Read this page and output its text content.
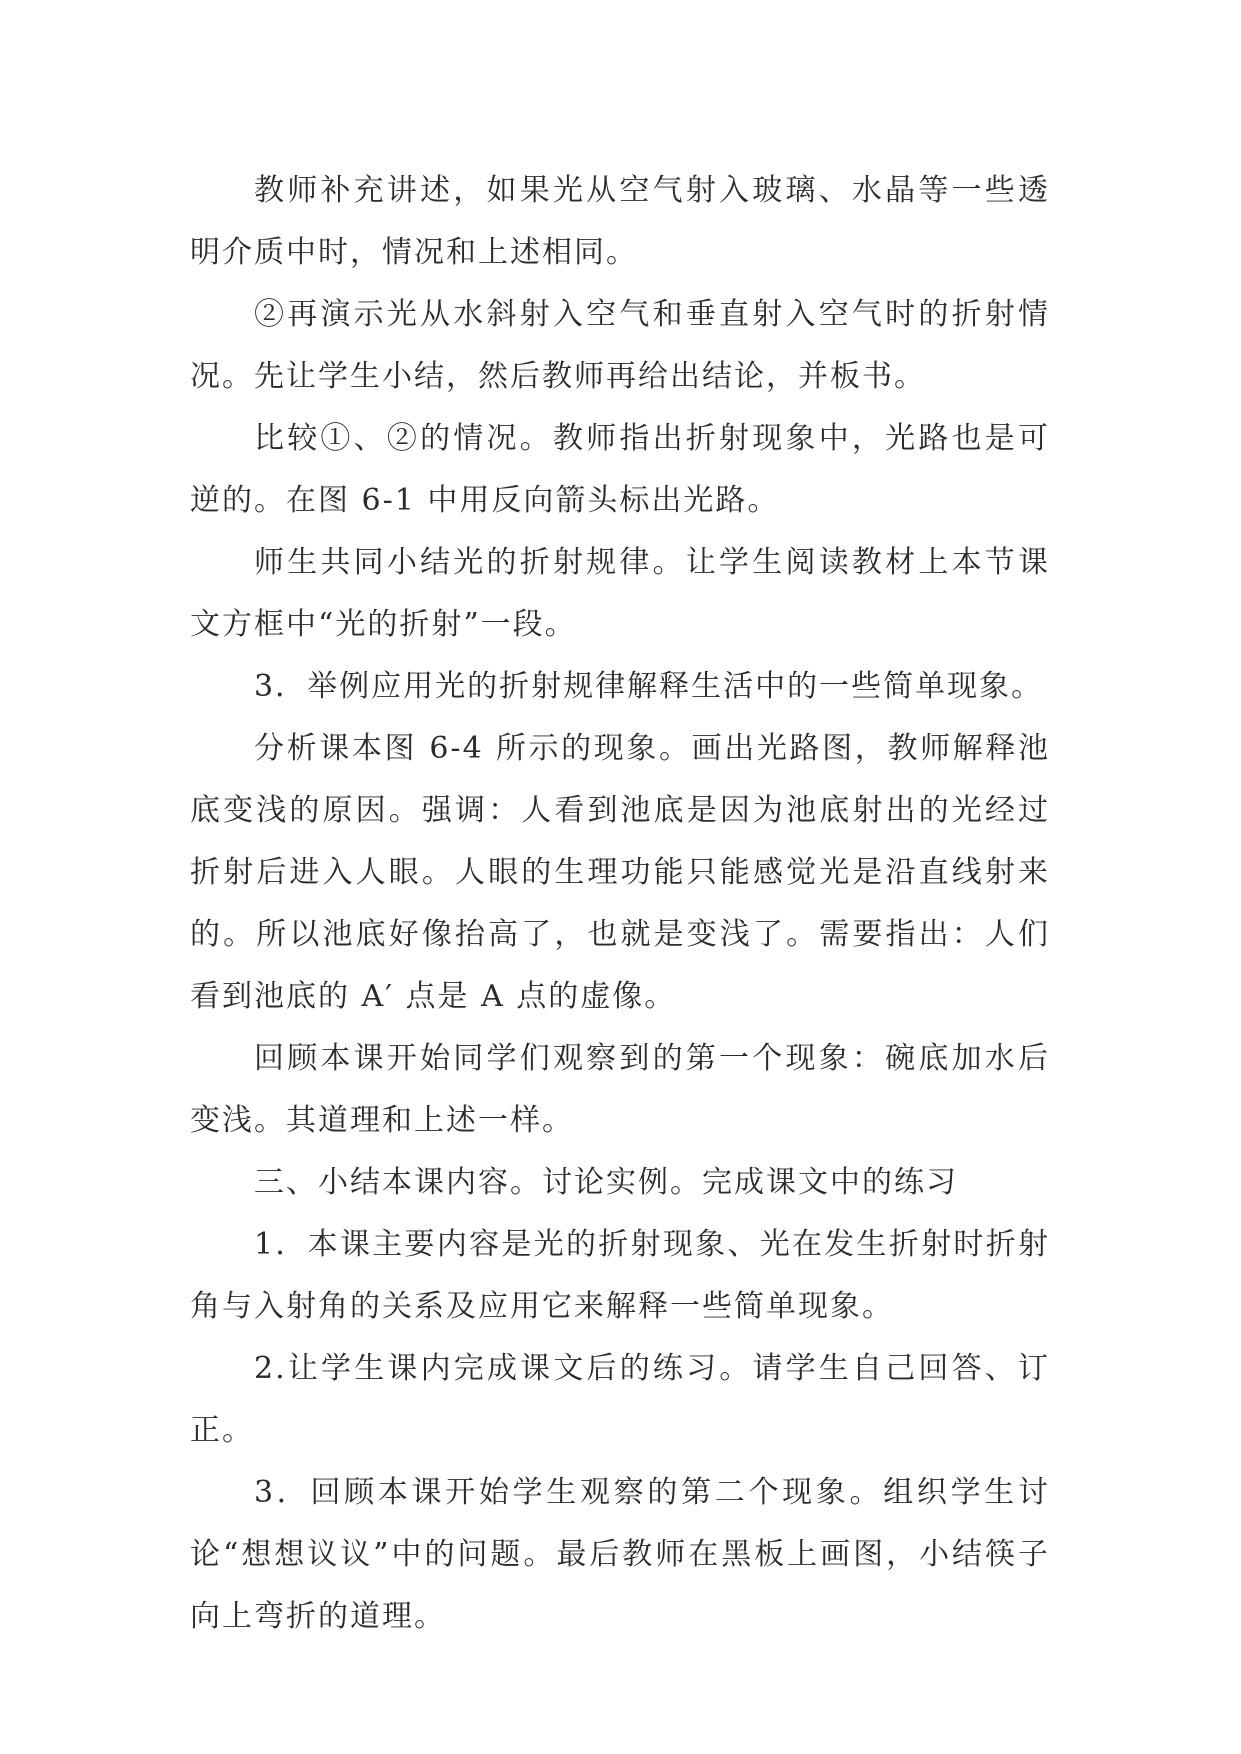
教师补充讲述，如果光从空气射入玻璃、水晶等一些透明介质中时，情况和上述相同。

②再演示光从水斜射入空气和垂直射入空气时的折射情况。先让学生小结，然后教师再给出结论，并板书。

比较①、②的情况。教师指出折射现象中，光路也是可逆的。在图 6-1 中用反向箭头标出光路。

师生共同小结光的折射规律。让学生阅读教材上本节课文方框中“光的折射”一段。

3．举例应用光的折射规律解释生活中的一些简单现象。

分析课本图 6-4 所示的现象。画出光路图，教师解释池底变浅的原因。强调：人看到池底是因为池底射出的光经过折射后进入人眼。人眼的生理功能只能感觉光是沿直线射来的。所以池底好像抬高了，也就是变浅了。需要指出：人们看到池底的 A′ 点是 A 点的虚像。

回顾本课开始同学们观察到的第一个现象：碗底加水后变浅。其道理和上述一样。

三、小结本课内容。讨论实例。完成课文中的练习

1．本课主要内容是光的折射现象、光在发生折射时折射角与入射角的关系及应用它来解释一些简单现象。

2.让学生课内完成课文后的练习。请学生自己回答、订正。

3．回顾本课开始学生观察的第二个现象。组织学生讨论“想想议议”中的问题。最后教师在黑板上画图，小结筷子向上弯折的道理。
